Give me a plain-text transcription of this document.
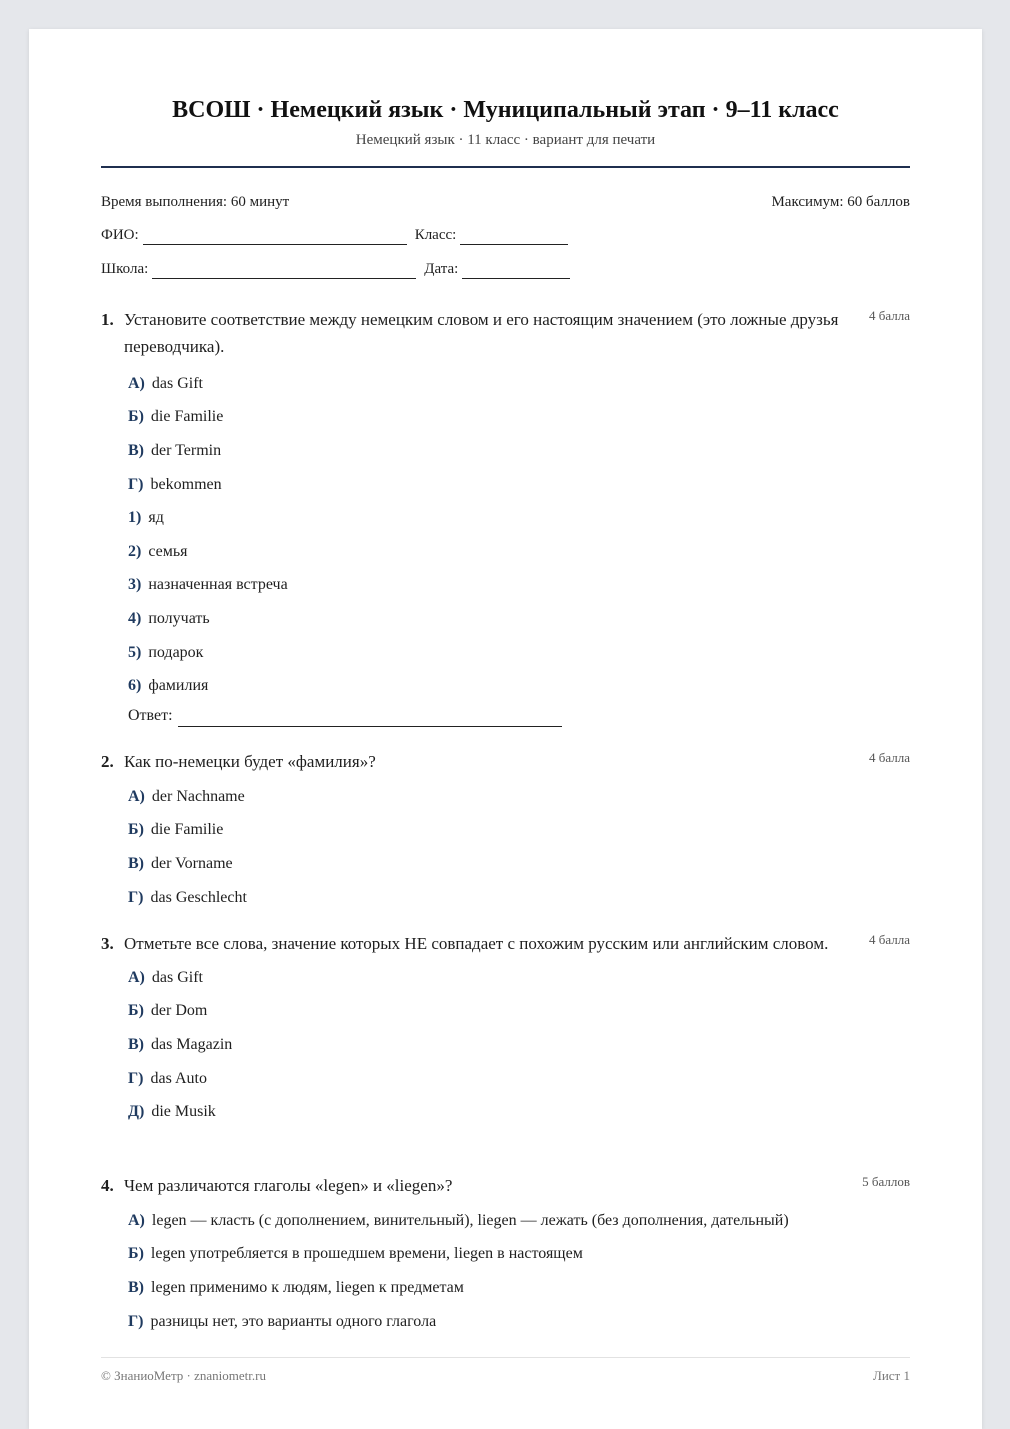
ВСОШ · Немецкий язык · Муниципальный этап · 9–11 класс
Немецкий язык · 11 класс · вариант для печати
Время выполнения: 60 минут	Максимум: 60 баллов
ФИО:	Класс:
Школа:	Дата:
1. Установите соответствие между немецким словом и его настоящим значением (это ложные друзья переводчика).
4 балла
А) das Gift
Б) die Familie
В) der Termin
Г) bekommen
1) яд
2) семья
3) назначенная встреча
4) получать
5) подарок
6) фамилия
Ответ:
2. Как по-немецки будет «фамилия»?	4 балла
А) der Nachname
Б) die Familie
В) der Vorname
Г) das Geschlecht
3. Отметьте все слова, значение которых НЕ совпадает с похожим русским или английским словом.	4 балла
А) das Gift
Б) der Dom
В) das Magazin
Г) das Auto
Д) die Musik
4. Чем различаются глаголы «legen» и «liegen»?	5 баллов
А) legen — класть (с дополнением, винительный), liegen — лежать (без дополнения, дательный)
Б) legen употребляется в прошедшем времени, liegen в настоящем
В) legen применимо к людям, liegen к предметам
Г) разницы нет, это варианты одного глагола
© ЗнаниоМетр · znaniometr.ru	Лист 1
